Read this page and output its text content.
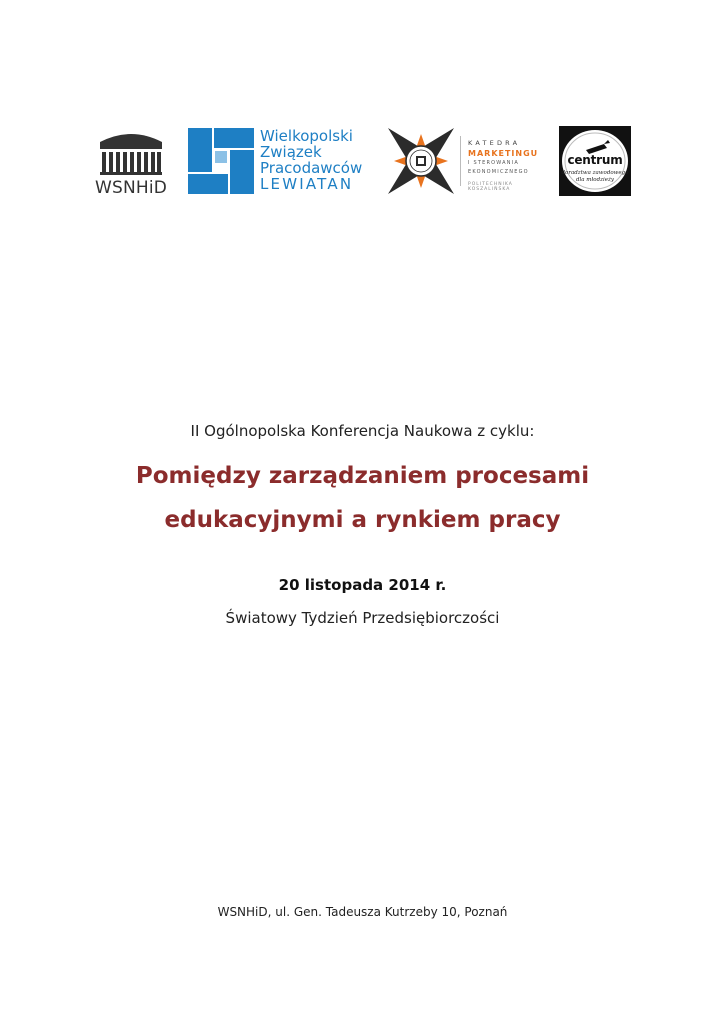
WSNHiD
Wielkopolski
Związek
Pracodawców
LEWIATAN
KATEDRA
MARKETINGU
I STEROWANIA
EKONOMICZNEGO
POLITECHNIKA KOSZALIŃSKA
centrum
doradztwa zawodowego
dla młodzieży
II Ogólnopolska Konferencja Naukowa z cyklu:
Pomiędzy zarządzaniem procesami
edukacyjnymi a rynkiem pracy
20 listopada 2014 r.
Światowy Tydzień Przedsiębiorczości
WSNHiD, ul. Gen. Tadeusza Kutrzeby 10, Poznań
